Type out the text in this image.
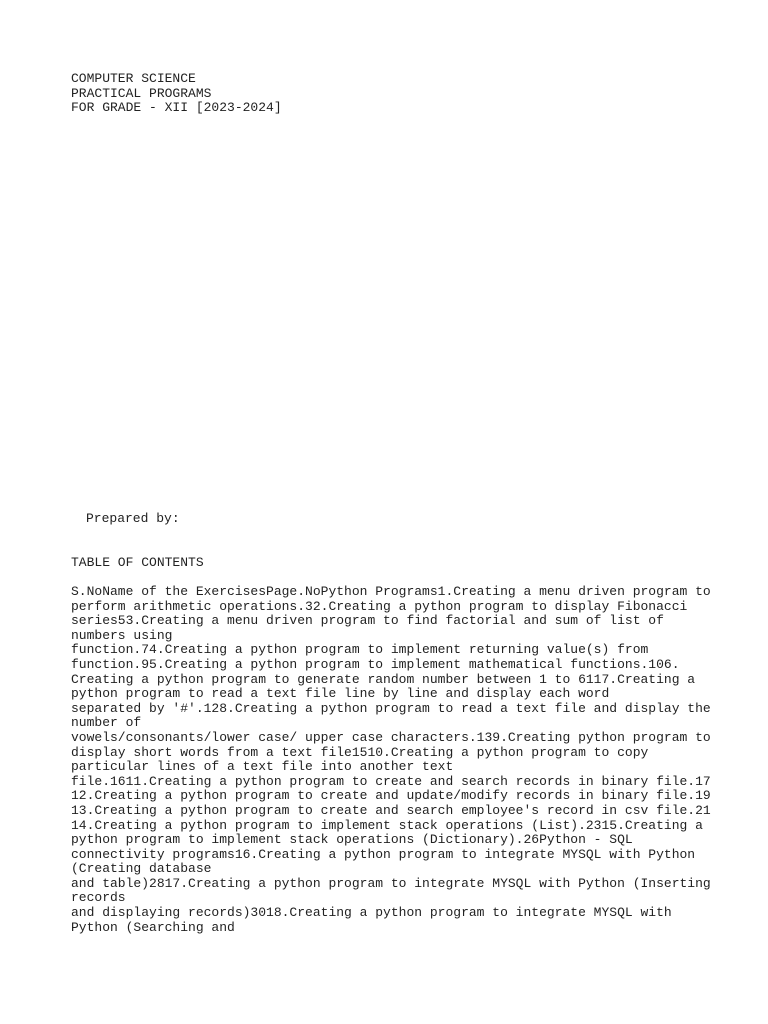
COMPUTER SCIENCE
PRACTICAL PROGRAMS
FOR GRADE - XII [2023-2024]
Prepared by:
TABLE OF CONTENTS
S.NoName of the ExercisesPage.NoPython Programs1.Creating a menu driven program to
perform arithmetic operations.32.Creating a python program to display Fibonacci
series53.Creating a menu driven program to find factorial and sum of list of
numbers using
function.74.Creating a python program to implement returning value(s) from
function.95.Creating a python program to implement mathematical functions.106.
Creating a python program to generate random number between 1 to 6117.Creating a
python program to read a text file line by line and display each word
separated by '#'.128.Creating a python program to read a text file and display the
number of
vowels/consonants/lower case/ upper case characters.139.Creating python program to
display short words from a text file1510.Creating a python program to copy
particular lines of a text file into another text
file.1611.Creating a python program to create and search records in binary file.17
12.Creating a python program to create and update/modify records in binary file.19
13.Creating a python program to create and search employee's record in csv file.21
14.Creating a python program to implement stack operations (List).2315.Creating a
python program to implement stack operations (Dictionary).26Python - SQL
connectivity programs16.Creating a python program to integrate MYSQL with Python
(Creating database
and table)2817.Creating a python program to integrate MYSQL with Python (Inserting
records
and displaying records)3018.Creating a python program to integrate MYSQL with
Python (Searching and
